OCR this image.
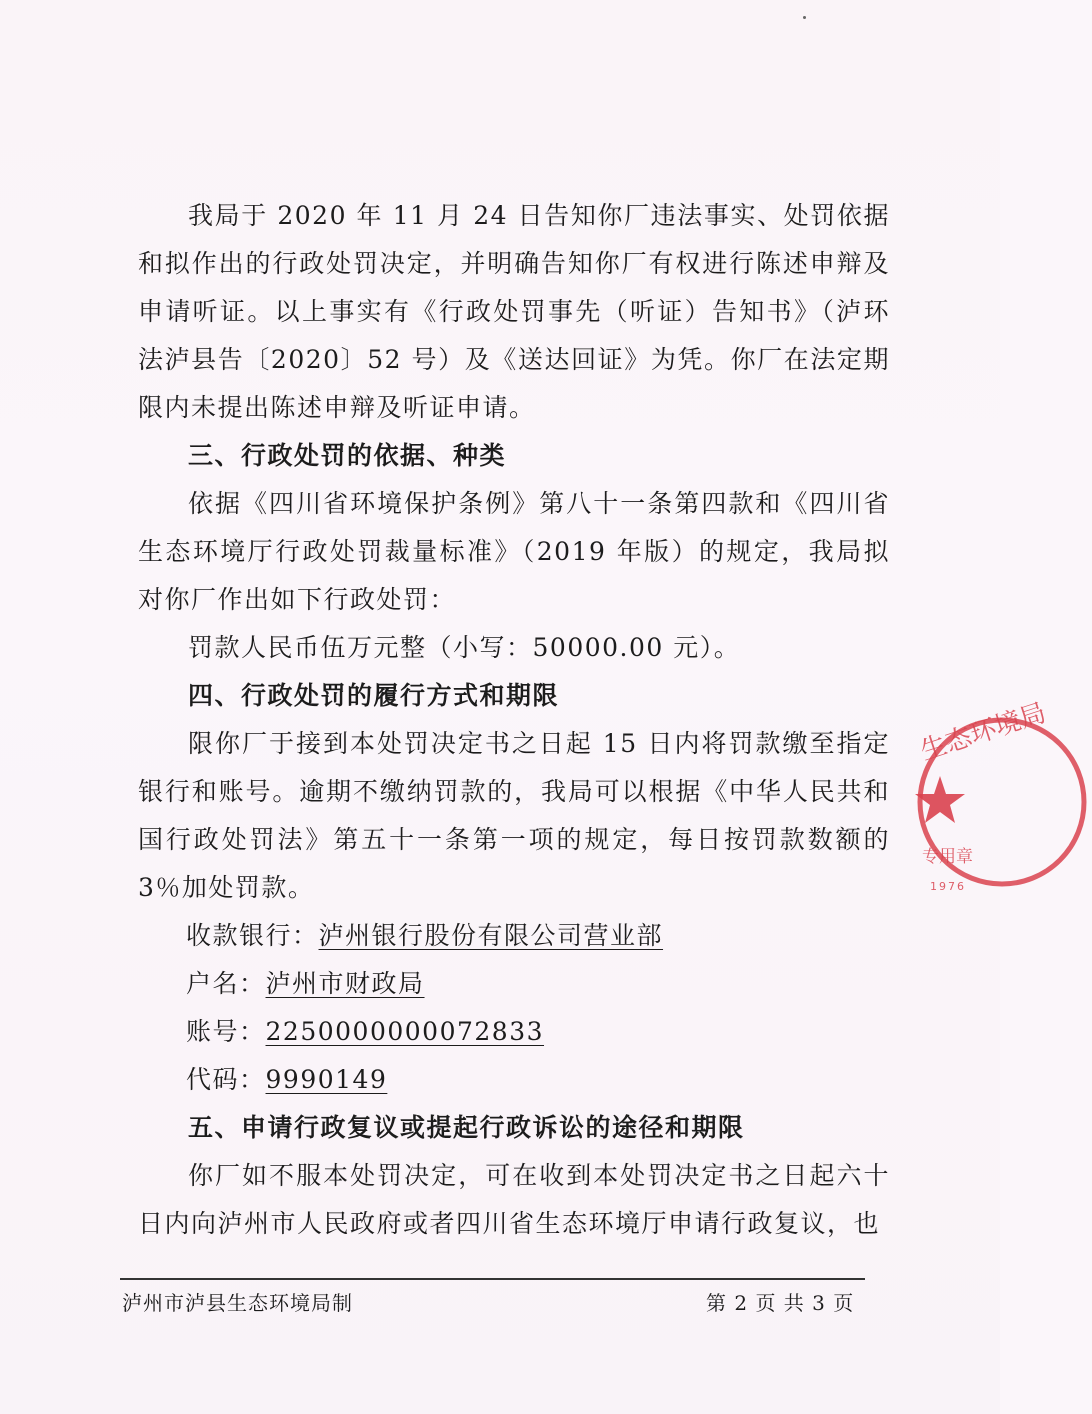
我局于 2020 年 11 月 24 日告知你厂违法事实、处罚依据和拟作出的行政处罚决定，并明确告知你厂有权进行陈述申辩及申请听证。以上事实有《行政处罚事先（听证）告知书》（泸环法泸县告〔2020〕52 号）及《送达回证》为凭。你厂在法定期限内未提出陈述申辩及听证申请。

三、行政处罚的依据、种类

依据《四川省环境保护条例》第八十一条第四款和《四川省生态环境厅行政处罚裁量标准》（2019 年版）的规定，我局拟对你厂作出如下行政处罚：

罚款人民币伍万元整（小写：50000.00 元）。

四、行政处罚的履行方式和期限

限你厂于接到本处罚决定书之日起 15 日内将罚款缴至指定银行和账号。逾期不缴纳罚款的，我局可以根据《中华人民共和国行政处罚法》第五十一条第一项的规定，每日按罚款数额的 3％加处罚款。

收款银行：泸州银行股份有限公司营业部

户名：泸州市财政局

账号：2250000000072833

代码：9990149

五、申请行政复议或提起行政诉讼的途径和期限

你厂如不服本处罚决定，可在收到本处罚决定书之日起六十日内向泸州市人民政府或者四川省生态环境厅申请行政复议，也

生态环境局
专用章
1976
泸州市泸县生态环境局制	第 2 页 共 3 页
